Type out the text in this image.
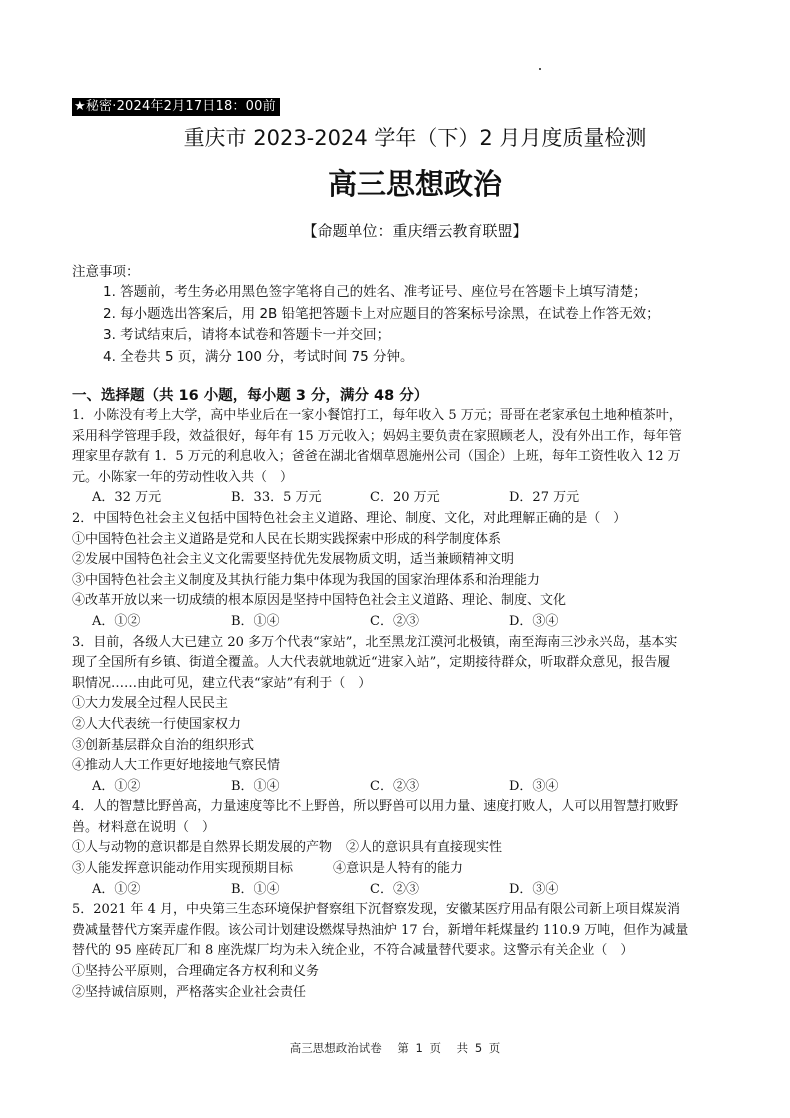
★秘密·2024年2月17日18：00前
重庆市 2023-2024 学年（下）2 月月度质量检测
高三思想政治
【命题单位：重庆缙云教育联盟】
注意事项：
1. 答题前，考生务必用黑色签字笔将自己的姓名、准考证号、座位号在答题卡上填写清楚；
2. 每小题选出答案后，用 2B 铅笔把答题卡上对应题目的答案标号涂黑，在试卷上作答无效；
3. 考试结束后，请将本试卷和答题卡一并交回；
4. 全卷共 5 页，满分 100 分，考试时间 75 分钟。
一、选择题（共 16 小题，每小题 3 分，满分 48 分）
1．小陈没有考上大学，高中毕业后在一家小餐馆打工，每年收入 5 万元；哥哥在老家承包土地种植茶叶，
采用科学管理手段，效益很好，每年有 15 万元收入；妈妈主要负责在家照顾老人，没有外出工作，每年管
理家里存款有 1．5 万元的利息收入；爸爸在湖北省烟草恩施州公司（国企）上班，每年工资性收入 12 万
元。小陈家一年的劳动性收入共（　）
A．32 万元	B．33．5 万元	C．20 万元	D．27 万元
2．中国特色社会主义包括中国特色社会主义道路、理论、制度、文化，对此理解正确的是（　）
①中国特色社会主义道路是党和人民在长期实践探索中形成的科学制度体系
②发展中国特色社会主义文化需要坚持优先发展物质文明，适当兼顾精神文明
③中国特色社会主义制度及其执行能力集中体现为我国的国家治理体系和治理能力
④改革开放以来一切成绩的根本原因是坚持中国特色社会主义道路、理论、制度、文化
A．①②	B．①④	C．②③	D．③④
3．目前，各级人大已建立 20 多万个代表“家站”，北至黑龙江漠河北极镇，南至海南三沙永兴岛，基本实
现了全国所有乡镇、街道全覆盖。人大代表就地就近“进家入站”，定期接待群众，听取群众意见，报告履
职情况……由此可见，建立代表“家站”有利于（　）
①大力发展全过程人民民主
②人大代表统一行使国家权力
③创新基层群众自治的组织形式
④推动人大工作更好地接地气察民情
A．①②	B．①④	C．②③	D．③④
4．人的智慧比野兽高，力量速度等比不上野兽，所以野兽可以用力量、速度打败人，人可以用智慧打败野
兽。材料意在说明（　）
①人与动物的意识都是自然界长期发展的产物 ②人的意识具有直接现实性
③人能发挥意识能动作用实现预期目标	④意识是人特有的能力
A．①②	B．①④	C．②③	D．③④
5．2021 年 4 月，中央第三生态环境保护督察组下沉督察发现，安徽某医疗用品有限公司新上项目煤炭消
费减量替代方案弄虚作假。该公司计划建设燃煤导热油炉 17 台，新增年耗煤量约 110.9 万吨，但作为减量
替代的 95 座砖瓦厂和 8 座洗煤厂均为未入统企业，不符合减量替代要求。这警示有关企业（　）
①坚持公平原则，合理确定各方权利和义务
②坚持诚信原则，严格落实企业社会责任
高三思想政治试卷 第 1 页 共 5 页
